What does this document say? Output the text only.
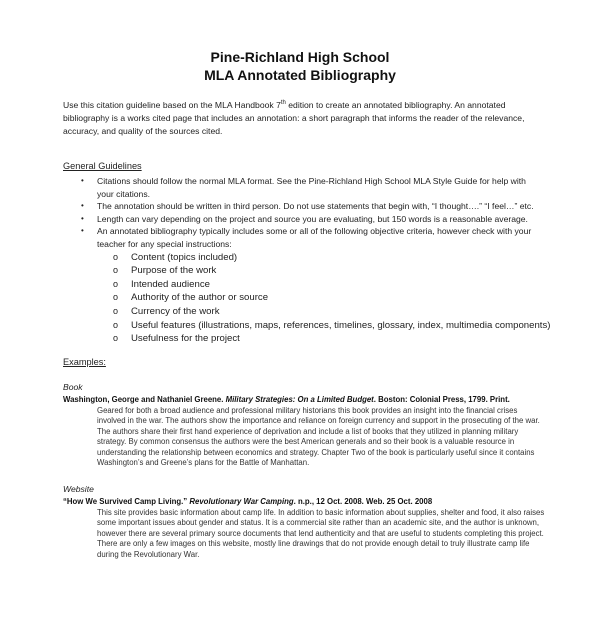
Pine-Richland High School
MLA Annotated Bibliography
Use this citation guideline based on the MLA Handbook 7th edition to create an annotated bibliography. An annotated bibliography is a works cited page that includes an annotation: a short paragraph that informs the reader of the relevance, accuracy, and quality of the sources cited.
General Guidelines
• Citations should follow the normal MLA format. See the Pine-Richland High School MLA Style Guide for help with your citations.
• The annotation should be written in third person. Do not use statements that begin with, “I thought….” “I feel…” etc.
• Length can vary depending on the project and source you are evaluating, but 150 words is a reasonable average.
• An annotated bibliography typically includes some or all of the following objective criteria, however check with your teacher for any special instructions:
o Content (topics included)
o Purpose of the work
o Intended audience
o Authority of the author or source
o Currency of the work
o Useful features (illustrations, maps, references, timelines, glossary, index, multimedia components)
o Usefulness for the project
Examples:
Book
Washington, George and Nathaniel Greene. Military Strategies: On a Limited Budget. Boston: Colonial Press, 1799. Print.
Geared for both a broad audience and professional military historians this book provides an insight into the financial crises involved in the war. The authors show the importance and reliance on foreign currency and support in the prosecuting of the war. The authors share their first hand experience of deprivation and include a list of books that they utilized in planning military strategy. By common consensus the authors were the best American generals and so their book is a valuable resource in understanding the relationship between economics and strategy. Chapter Two of the book is particularly useful since it contains Washington’s and Greene’s plans for the Battle of Manhattan.
Website
“How We Survived Camp Living.” Revolutionary War Camping. n.p., 12 Oct. 2008. Web. 25 Oct. 2008
This site provides basic information about camp life. In addition to basic information about supplies, shelter and food, it also raises some important issues about gender and status. It is a commercial site rather than an academic site, and the author is unknown, however there are several primary source documents that lend authenticity and that are useful to students completing this project. There are only a few images on this website, mostly line drawings that do not provide enough detail to truly illustrate camp life during the Revolutionary War.
